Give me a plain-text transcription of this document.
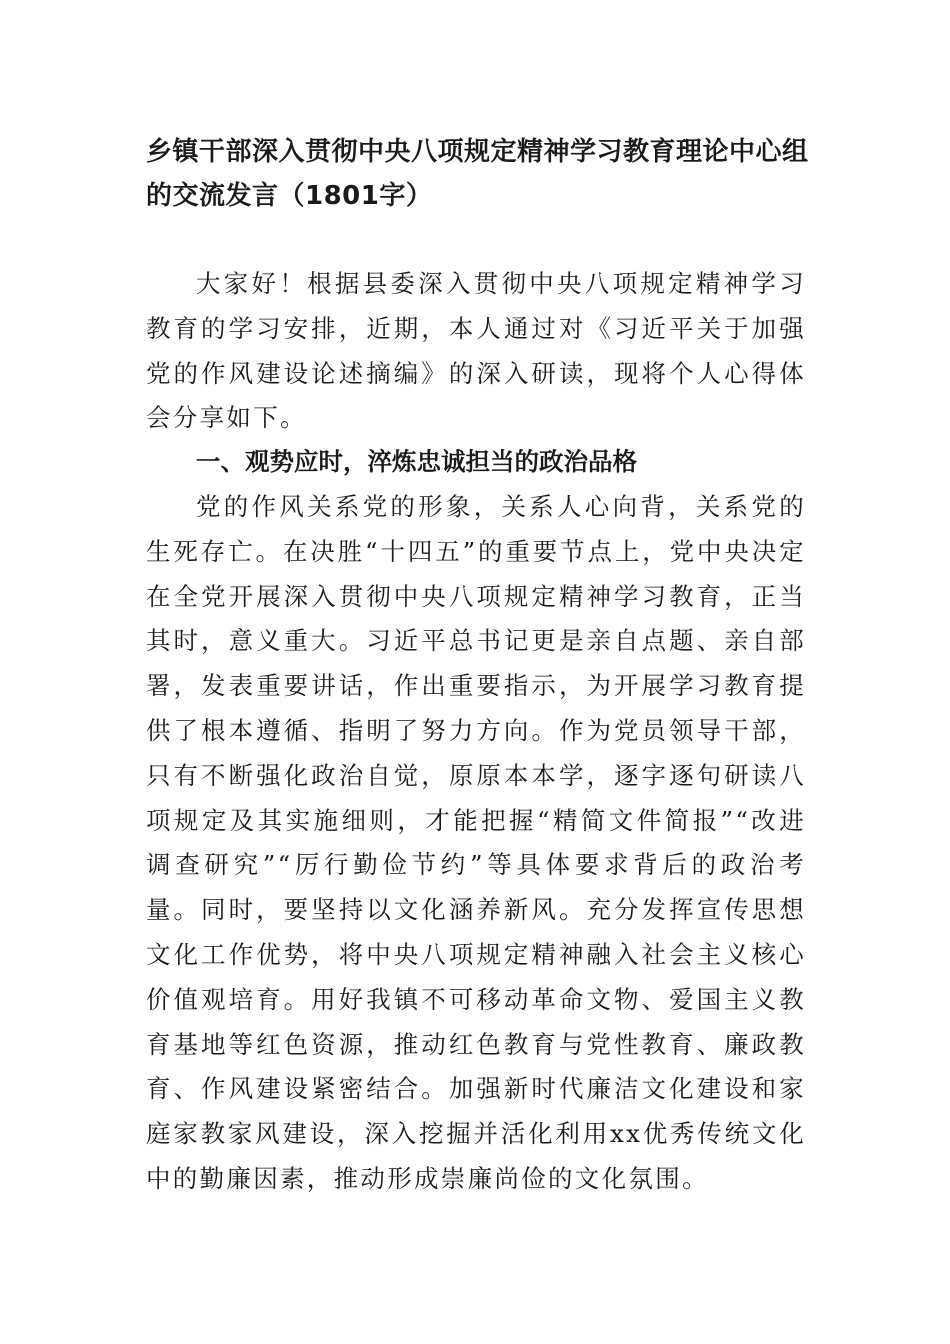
乡镇干部深入贯彻中央八项规定精神学习教育理论中心组的交流发言（1801字）

大家好！根据县委深入贯彻中央八项规定精神学习教育的学习安排，近期，本人通过对《习近平关于加强党的作风建设论述摘编》的深入研读，现将个人心得体会分享如下。

一、观势应时，淬炼忠诚担当的政治品格

党的作风关系党的形象，关系人心向背，关系党的生死存亡。在决胜“十四五”的重要节点上，党中央决定在全党开展深入贯彻中央八项规定精神学习教育，正当其时，意义重大。习近平总书记更是亲自点题、亲自部署，发表重要讲话，作出重要指示，为开展学习教育提供了根本遵循、指明了努力方向。作为党员领导干部，只有不断强化政治自觉，原原本本学，逐字逐句研读八项规定及其实施细则，才能把握“精简文件简报”“改进调查研究”“厉行勤俭节约”等具体要求背后的政治考量。同时，要坚持以文化涵养新风。充分发挥宣传思想文化工作优势，将中央八项规定精神融入社会主义核心价值观培育。用好我镇不可移动革命文物、爱国主义教育基地等红色资源，推动红色教育与党性教育、廉政教育、作风建设紧密结合。加强新时代廉洁文化建设和家庭家教家风建设，深入挖掘并活化利用xx优秀传统文化中的勤廉因素，推动形成崇廉尚俭的文化氛围。
